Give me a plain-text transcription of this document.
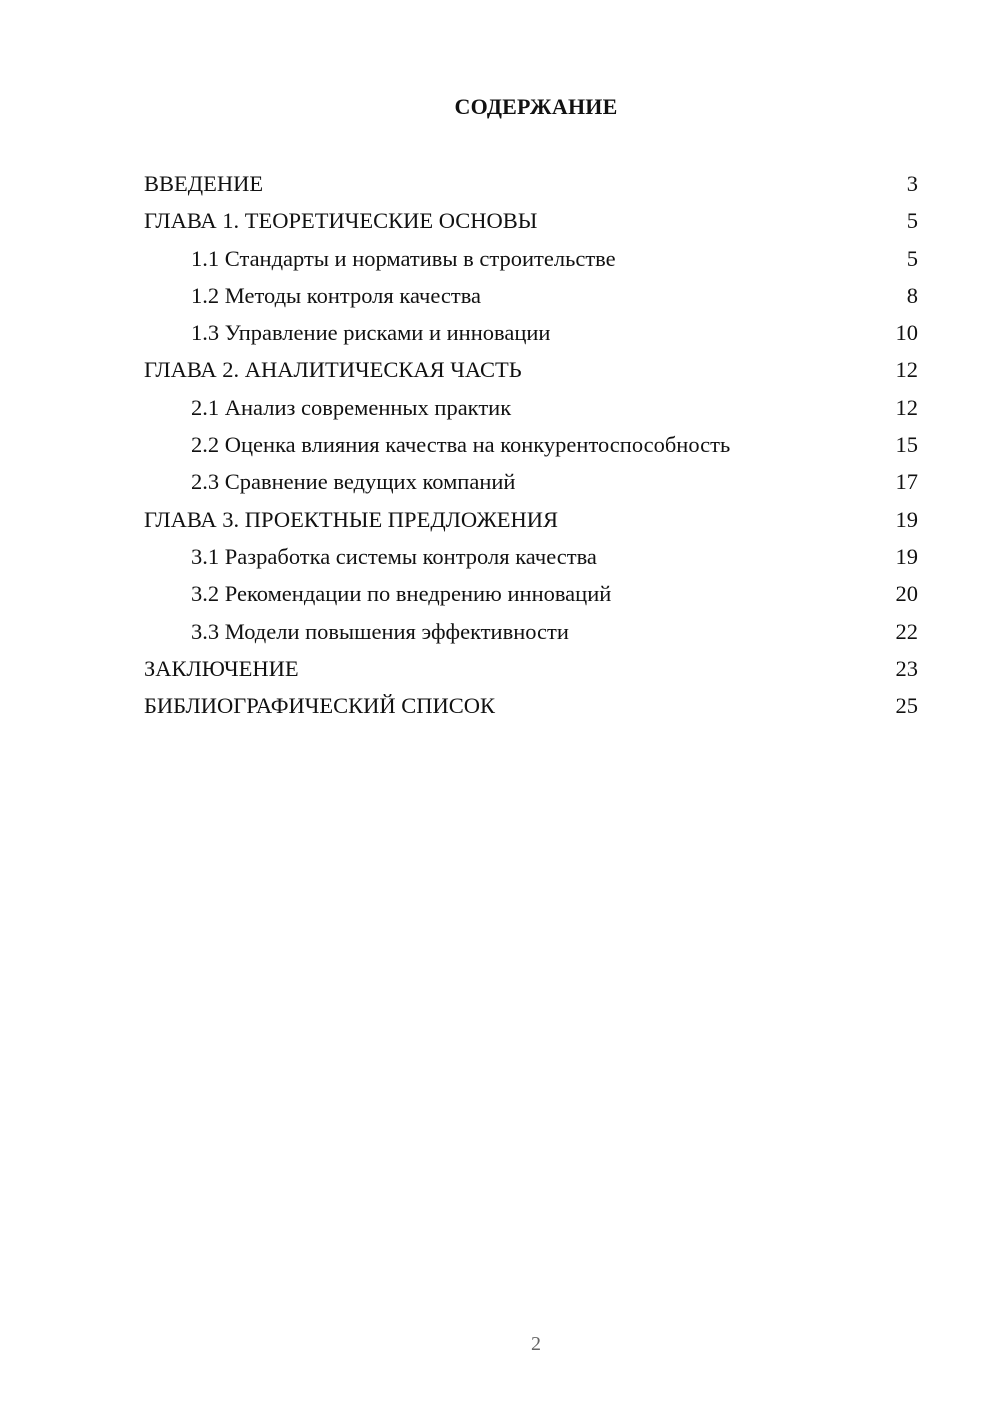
СОДЕРЖАНИЕ
ВВЕДЕНИЕ	3
ГЛАВА 1. ТЕОРЕТИЧЕСКИЕ ОСНОВЫ	5
1.1 Стандарты и нормативы в строительстве	5
1.2 Методы контроля качества	8
1.3 Управление рисками и инновации	10
ГЛАВА 2. АНАЛИТИЧЕСКАЯ ЧАСТЬ	12
2.1 Анализ современных практик	12
2.2 Оценка влияния качества на конкурентоспособность	15
2.3 Сравнение ведущих компаний	17
ГЛАВА 3. ПРОЕКТНЫЕ ПРЕДЛОЖЕНИЯ	19
3.1 Разработка системы контроля качества	19
3.2 Рекомендации по внедрению инноваций	20
3.3 Модели повышения эффективности	22
ЗАКЛЮЧЕНИЕ	23
БИБЛИОГРАФИЧЕСКИЙ СПИСОК	25
2
